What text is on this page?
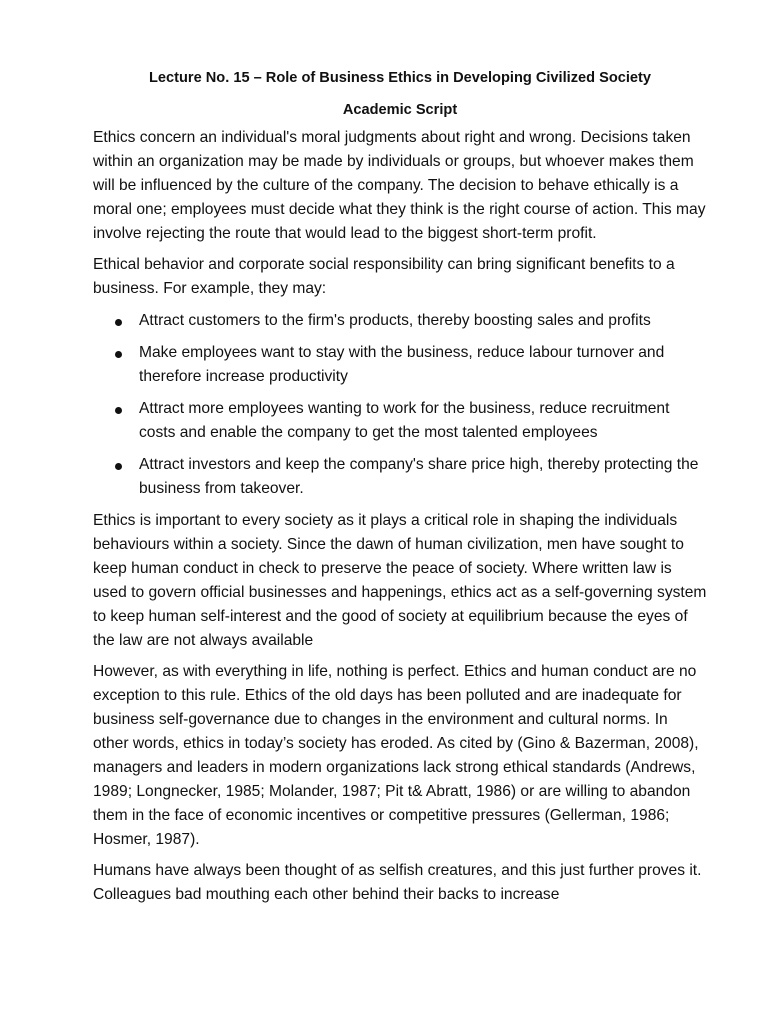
Lecture No. 15 – Role of Business Ethics in Developing Civilized Society

Academic Script

Ethics concern an individual's moral judgments about right and wrong. Decisions taken within an organization may be made by individuals or groups, but whoever makes them will be influenced by the culture of the company. The decision to behave ethically is a moral one; employees must decide what they think is the right course of action. This may involve rejecting the route that would lead to the biggest short-term profit.

Ethical behavior and corporate social responsibility can bring significant benefits to a business. For example, they may:

Attract customers to the firm's products, thereby boosting sales and profits
Make employees want to stay with the business, reduce labour turnover and therefore increase productivity
Attract more employees wanting to work for the business, reduce recruitment costs and enable the company to get the most talented employees
Attract investors and keep the company's share price high, thereby protecting the business from takeover.

Ethics is important to every society as it plays a critical role in shaping the individuals behaviours within a society. Since the dawn of human civilization, men have sought to keep human conduct in check to preserve the peace of society. Where written law is used to govern official businesses and happenings, ethics act as a self-governing system to keep human self-interest and the good of society at equilibrium because the eyes of the law are not always available

However, as with everything in life, nothing is perfect. Ethics and human conduct are no exception to this rule. Ethics of the old days has been polluted and are inadequate for business self-governance due to changes in the environment and cultural norms. In other words, ethics in today’s society has eroded. As cited by (Gino & Bazerman, 2008), managers and leaders in modern organizations lack strong ethical standards (Andrews, 1989; Longnecker, 1985; Molander, 1987; Pit t& Abratt, 1986) or are willing to abandon them in the face of economic incentives or competitive pressures (Gellerman, 1986; Hosmer, 1987).

Humans have always been thought of as selfish creatures, and this just further proves it. Colleagues bad mouthing each other behind their backs to increase
